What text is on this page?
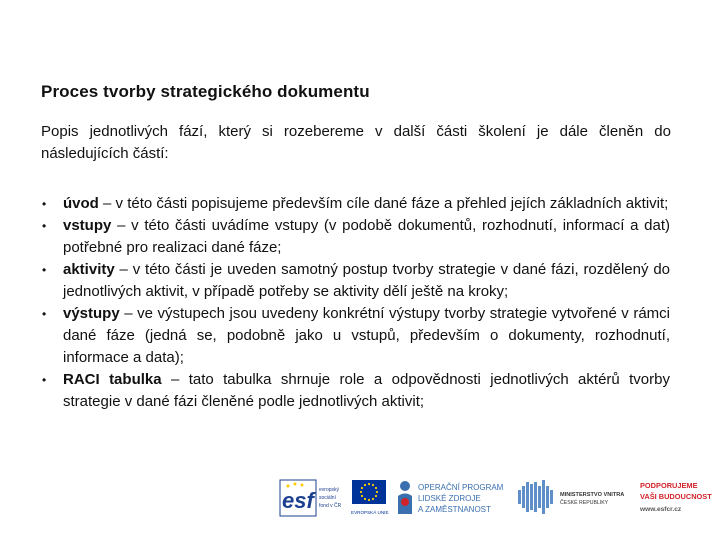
Proces tvorby strategického dokumentu

Popis jednotlivých fází, který si rozebereme v další části školení je dále členěn do následujících částí:

• úvod – v této části popisujeme především cíle dané fáze a přehled jejích základních aktivit;
• vstupy – v této části uvádíme vstupy (v podobě dokumentů, rozhodnutí, informací a dat) potřebné pro realizaci dané fáze;
• aktivity – v této části je uveden samotný postup tvorby strategie v dané fázi, rozdělený do jednotlivých aktivit, v případě potřeby se aktivity dělí ještě na kroky;
• výstupy – ve výstupech jsou uvedeny konkrétní výstupy tvorby strategie vytvořené v rámci dané fáze (jedná se, podobně jako u vstupů, především o dokumenty, rozhodnutí, informace a data);
• RACI tabulka – tato tabulka shrnuje role a odpovědnosti jednotlivých aktérů tvorby strategie v dané fázi členěné podle jednotlivých aktivit;
esf	evropský
sociální
fond v ČR
EVROPSKÁ UNIE
OPERAČNÍ PROGRAM
LIDSKÉ ZDROJE
A ZAMĚSTNANOST
MINISTERSTVO VNITRA
ČESKÉ REPUBLIKY
PODPORUJEME
VAŠI BUDOUCNOST
www.esfcr.cz
